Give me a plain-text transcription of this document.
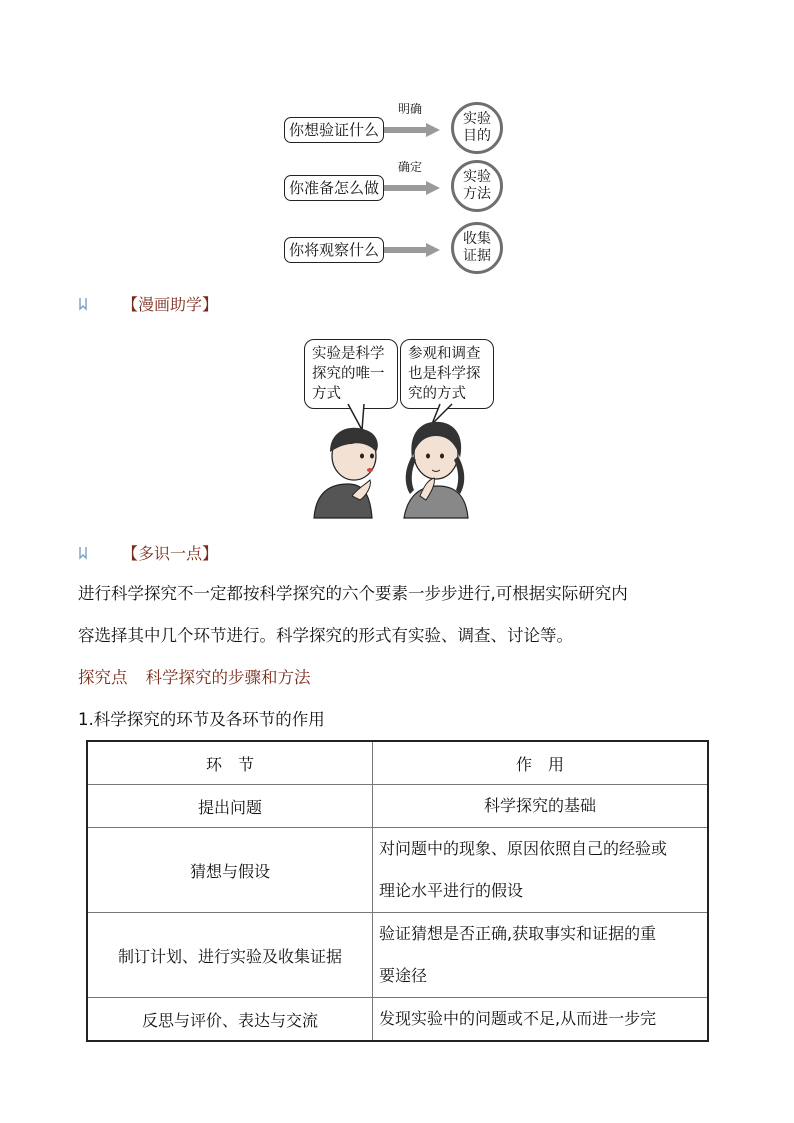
你想验证什么
明确
实验
目的
你准备怎么做
确定
实验
方法
你将观察什么
收集
证据
【漫画助学】
实验是科学
探究的唯一
方式
参观和调查
也是科学探
究的方式
【多识一点】
进行科学探究不一定都按科学探究的六个要素一步步进行,可根据实际研究内
容选择其中几个环节进行。科学探究的形式有实验、调查、讨论等。
探究点 科学探究的步骤和方法
1.科学探究的环节及各环节的作用
环　节	作　用
提出问题	科学探究的基础

猜想与假设	对问题中的现象、原因依照自己的经验或
理论水平进行的假设

制订计划、进行实验及收集证据	验证猜想是否正确,获取事实和证据的重
要途径

反思与评价、表达与交流	发现实验中的问题或不足,从而进一步完
